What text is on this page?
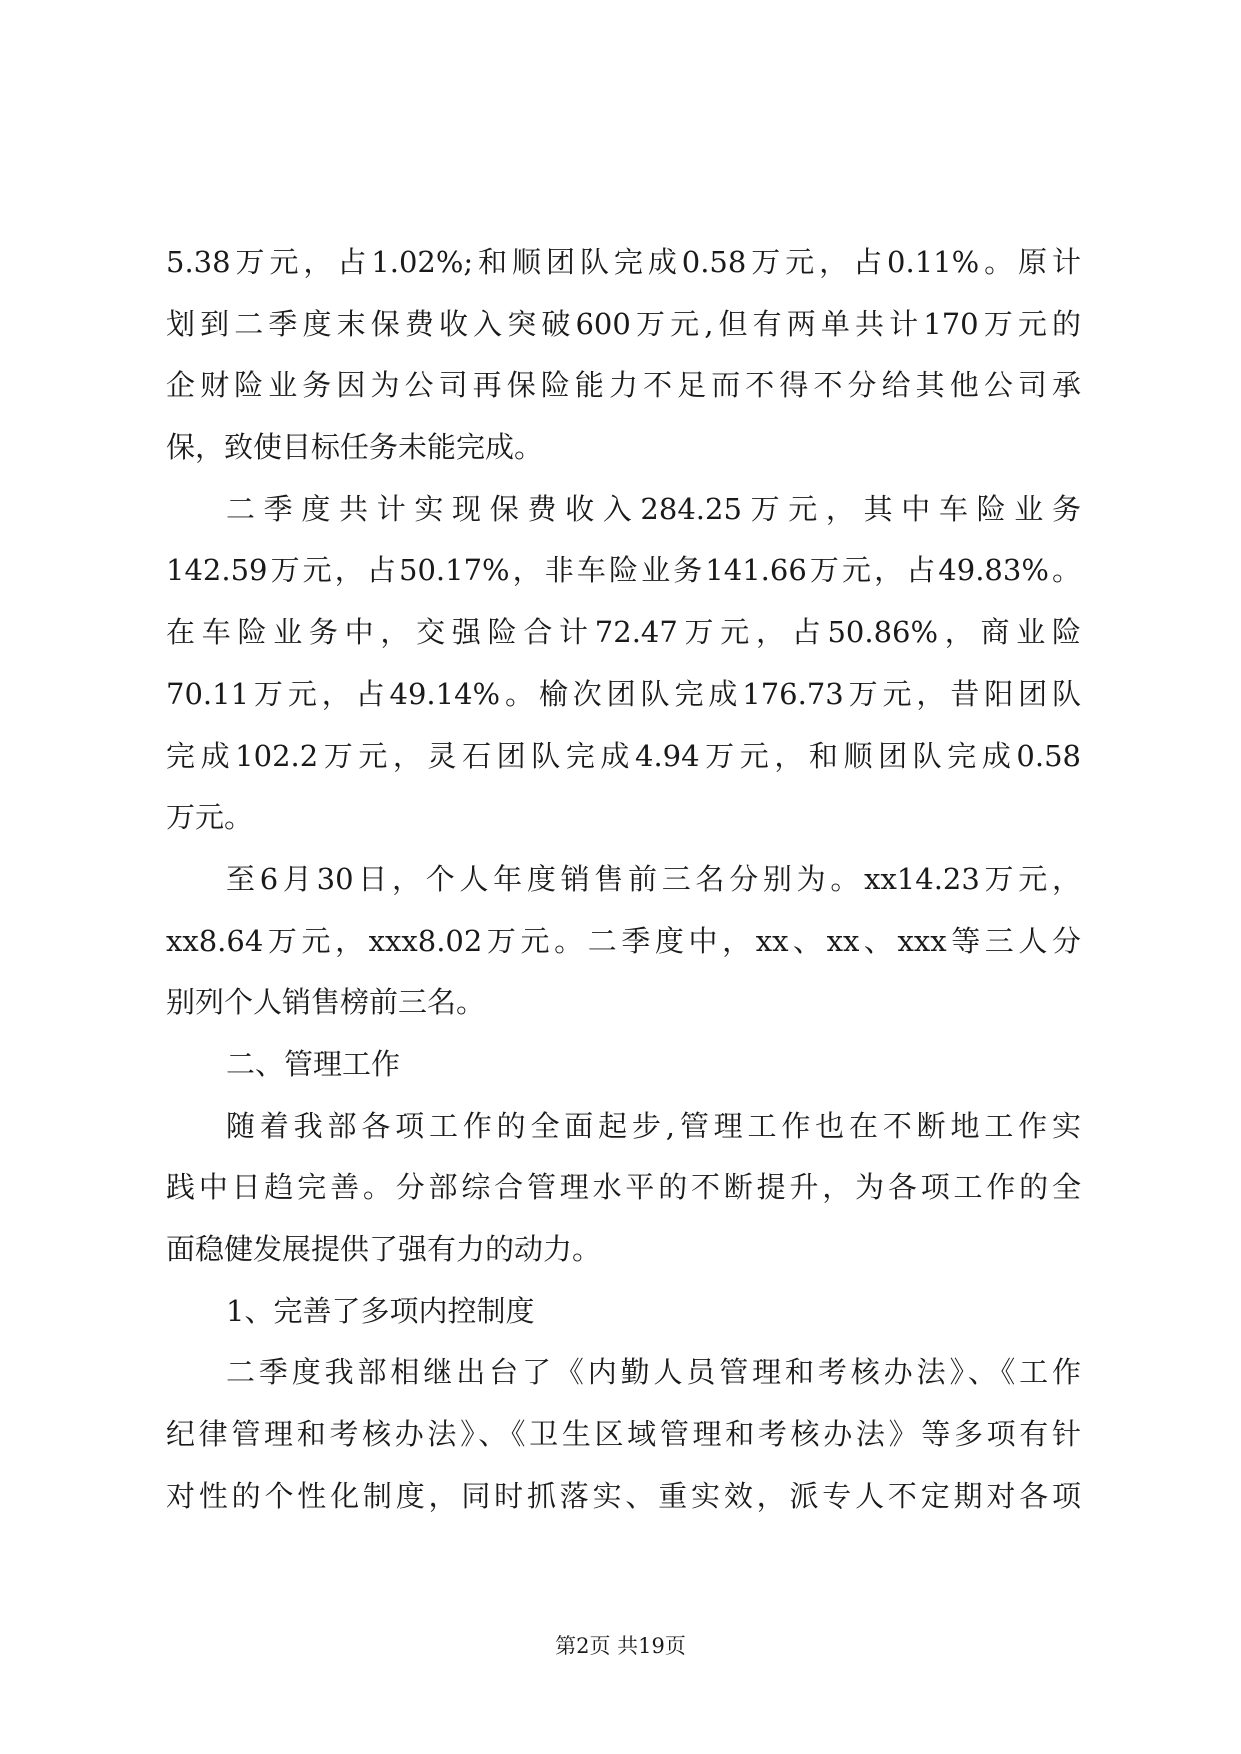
5.38万元，占1.02%;和顺团队完成0.58万元，占0.11%。原计
划到二季度末保费收入突破600万元,但有两单共计170万元的
企财险业务因为公司再保险能力不足而不得不分给其他公司承
保，致使目标任务未能完成。
二季度共计实现保费收入284.25万元，其中车险业务
142.59万元，占50.17%，非车险业务141.66万元，占49.83%。
在车险业务中，交强险合计72.47万元，占50.86%，商业险
70.11万元，占49.14%。榆次团队完成176.73万元，昔阳团队
完成102.2万元，灵石团队完成4.94万元，和顺团队完成0.58
万元。
至6月30日，个人年度销售前三名分别为。xx14.23万元，
xx8.64万元，xxx8.02万元。二季度中，xx、xx、xxx等三人分
别列个人销售榜前三名。
二、管理工作
随着我部各项工作的全面起步,管理工作也在不断地工作实
践中日趋完善。分部综合管理水平的不断提升，为各项工作的全
面稳健发展提供了强有力的动力。
1、完善了多项内控制度
二季度我部相继出台了《内勤人员管理和考核办法》、《工作
纪律管理和考核办法》、《卫生区域管理和考核办法》等多项有针
对性的个性化制度，同时抓落实、重实效，派专人不定期对各项
第2页 共19页
